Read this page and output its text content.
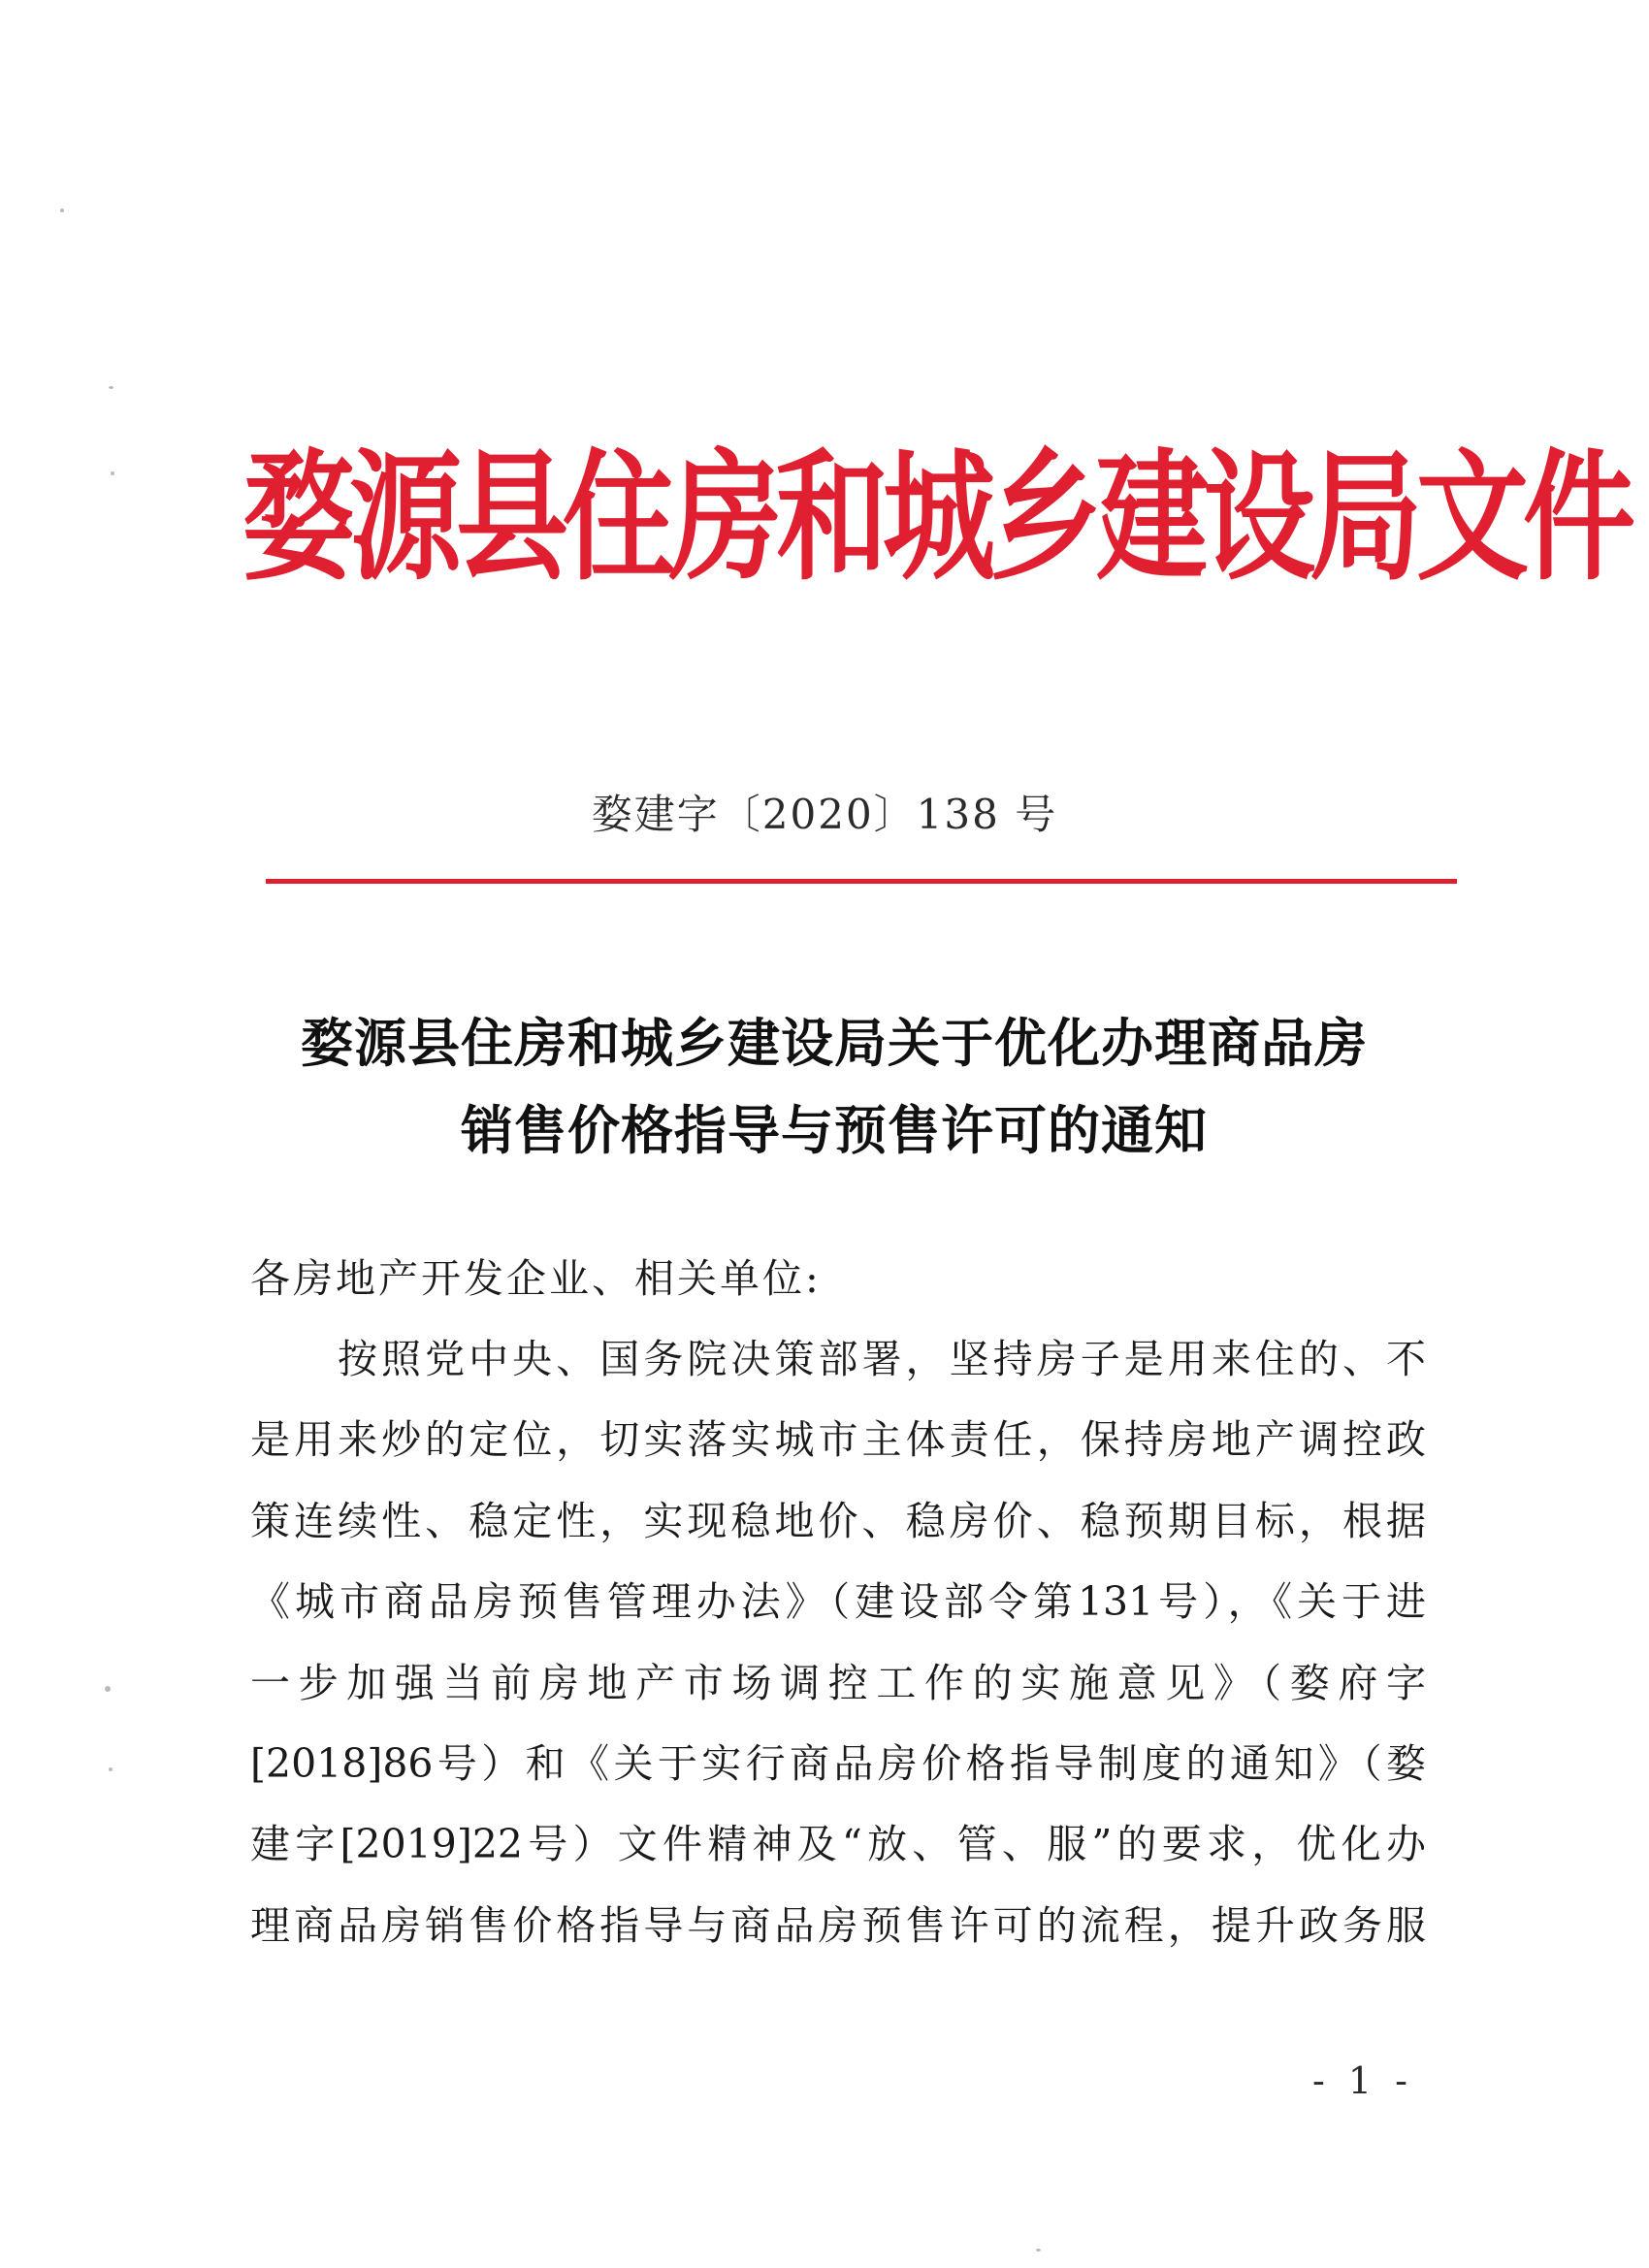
婺源县住房和城乡建设局文件
婺建字〔2020〕138 号
婺源县住房和城乡建设局关于优化办理商品房
销售价格指导与预售许可的通知
各房地产开发企业、相关单位:
按照党中央、国务院决策部署，坚持房子是用来住的、不
是用来炒的定位，切实落实城市主体责任，保持房地产调控政
策连续性、稳定性，实现稳地价、稳房价、稳预期目标，根据
《城市商品房预售管理办法》（建设部令第131号），《关于进
一步加强当前房地产市场调控工作的实施意见》（婺府字
[2018]86号）和《关于实行商品房价格指导制度的通知》（婺
建字[2019]22号）文件精神及“放、管、服”的要求，优化办
理商品房销售价格指导与商品房预售许可的流程，提升政务服
- 1 -
